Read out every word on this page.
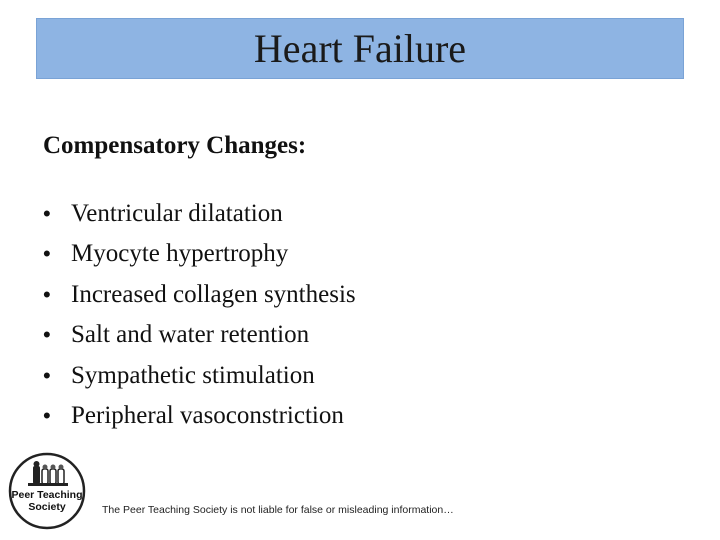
Heart Failure
Compensatory Changes:
• Ventricular dilatation
• Myocyte hypertrophy
• Increased collagen synthesis
• Salt and water retention
• Sympathetic stimulation
• Peripheral vasoconstriction
Peer Teaching
Society	The Peer Teaching Society is not liable for false or misleading information…
